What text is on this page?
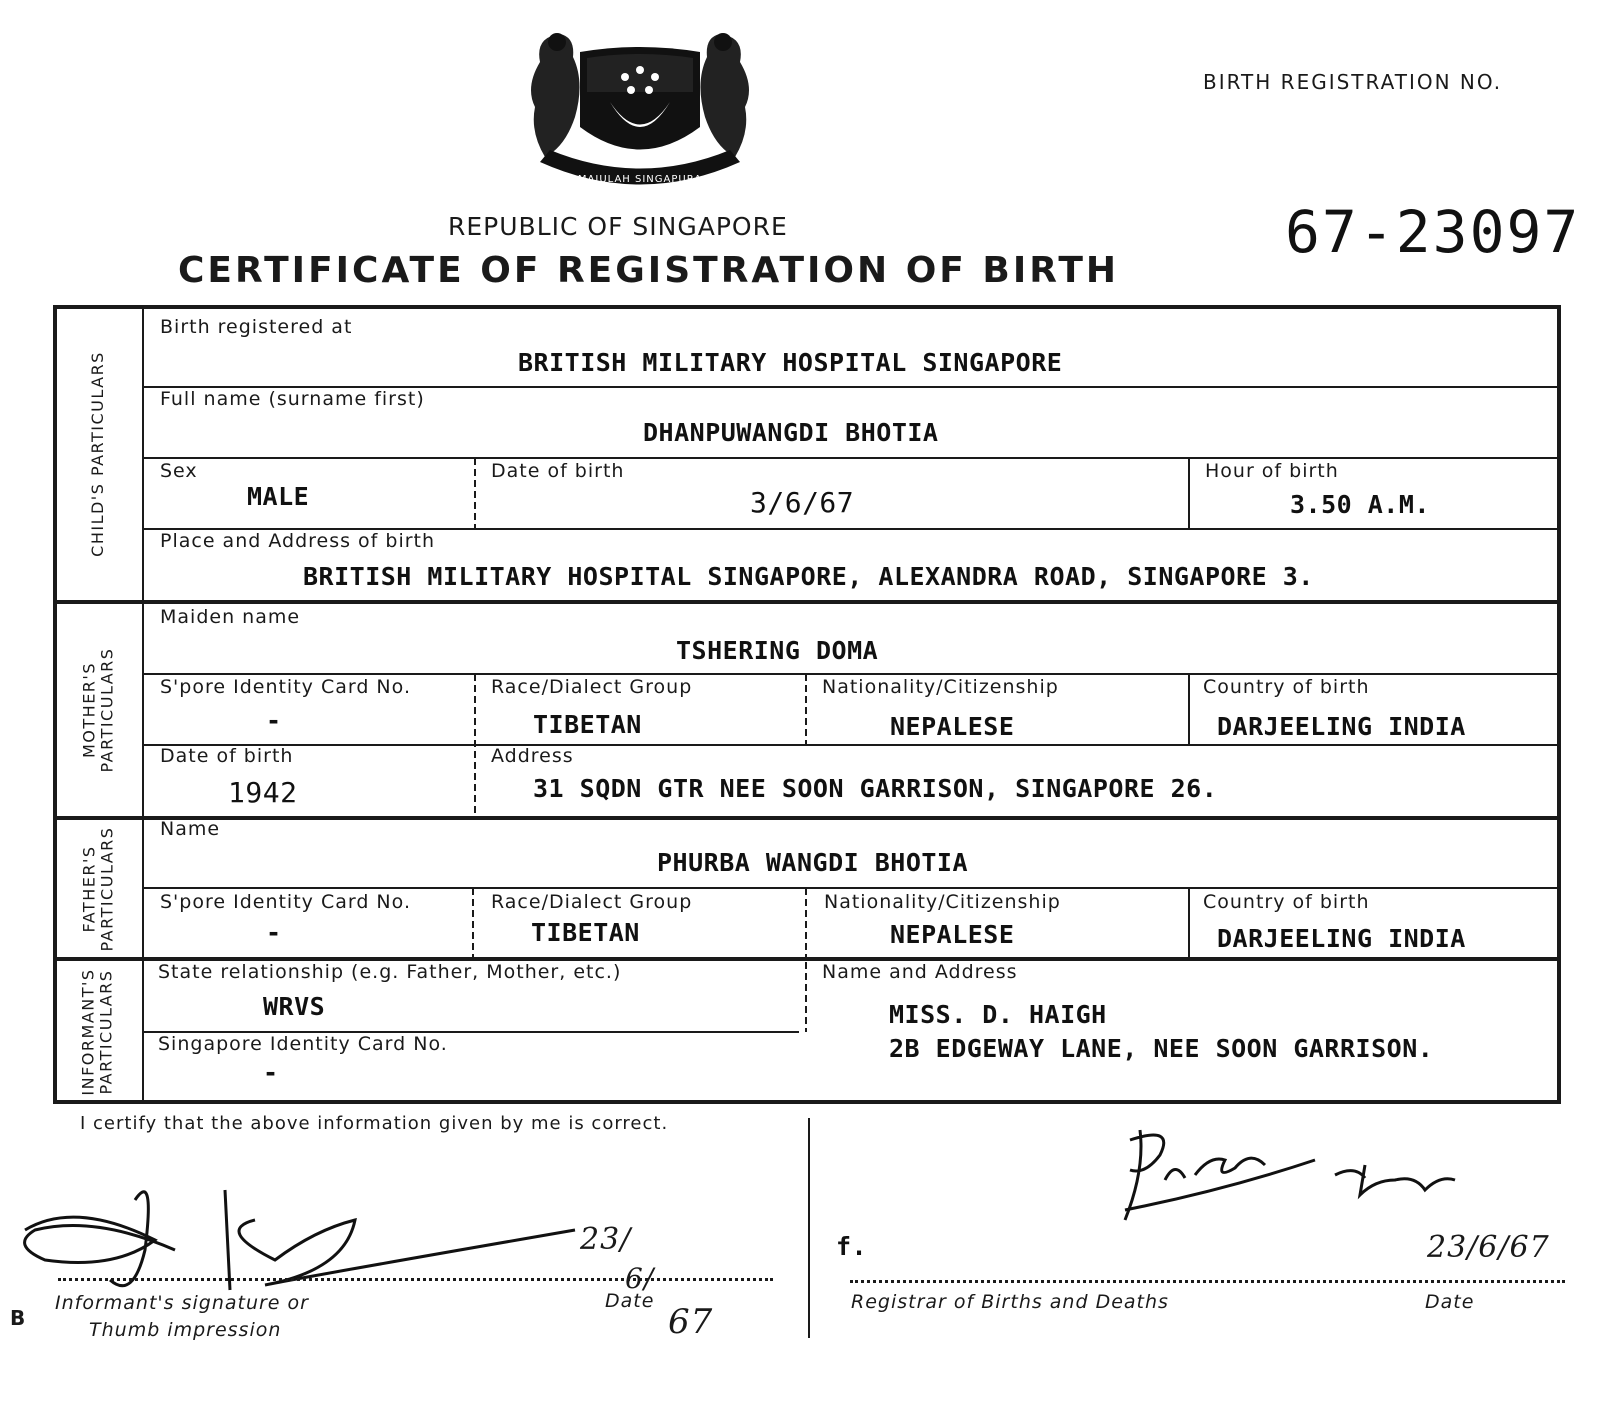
MAJULAH SINGAPURA
REPUBLIC OF SINGAPORE
CERTIFICATE OF REGISTRATION OF BIRTH
BIRTH REGISTRATION NO.
67-23097
CHILD'S PARTICULARS
MOTHER'S PARTICULARS
FATHER'S PARTICULARS
INFORMANT'S PARTICULARS
Birth registered at
BRITISH MILITARY HOSPITAL SINGAPORE
Full name (surname first)
DHANPUWANGDI BHOTIA
Sex
MALE
Date of birth
3/6/67
Hour of birth
3.50 A.M.
Place and Address of birth
BRITISH MILITARY HOSPITAL SINGAPORE, ALEXANDRA ROAD, SINGAPORE 3.
Maiden name
TSHERING DOMA
S'pore Identity Card No.
-
Race/Dialect Group
TIBETAN
Nationality/Citizenship
NEPALESE
Country of birth
DARJEELING INDIA
Date of birth
1942
Address
31 SQDN GTR NEE SOON GARRISON, SINGAPORE 26.
Name
PHURBA WANGDI BHOTIA
S'pore Identity Card No.
-
Race/Dialect Group
TIBETAN
Nationality/Citizenship
NEPALESE
Country of birth
DARJEELING INDIA
State relationship (e.g. Father, Mother, etc.)
WRVS
Singapore Identity Card No.
-
Name and Address
MISS. D. HAIGH
2B EDGEWAY LANE, NEE SOON GARRISON.
I certify that the above information given by me is correct.
Informant's signature or
Thumb impression
Date
23/
6/
67
B
f.	23/6/67
Registrar of Births and Deaths	Date
